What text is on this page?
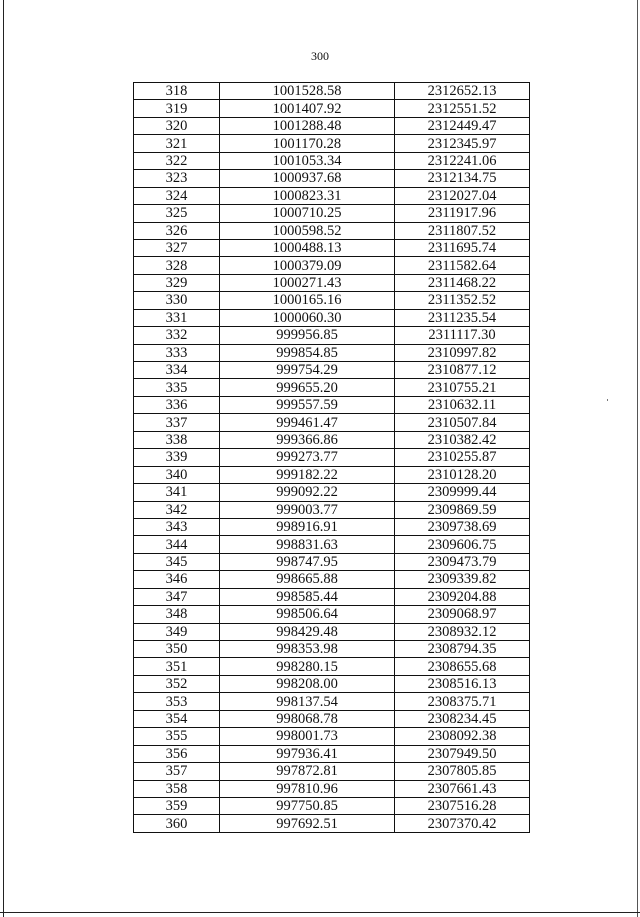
300
318	1001528.58	2312652.13
319	1001407.92	2312551.52
320	1001288.48	2312449.47
321	1001170.28	2312345.97
322	1001053.34	2312241.06
323	1000937.68	2312134.75
324	1000823.31	2312027.04
325	1000710.25	2311917.96
326	1000598.52	2311807.52
327	1000488.13	2311695.74
328	1000379.09	2311582.64
329	1000271.43	2311468.22
330	1000165.16	2311352.52
331	1000060.30	2311235.54
332	999956.85	2311117.30
333	999854.85	2310997.82
334	999754.29	2310877.12
335	999655.20	2310755.21
336	999557.59	2310632.11
337	999461.47	2310507.84
338	999366.86	2310382.42
339	999273.77	2310255.87
340	999182.22	2310128.20
341	999092.22	2309999.44
342	999003.77	2309869.59
343	998916.91	2309738.69
344	998831.63	2309606.75
345	998747.95	2309473.79
346	998665.88	2309339.82
347	998585.44	2309204.88
348	998506.64	2309068.97
349	998429.48	2308932.12
350	998353.98	2308794.35
351	998280.15	2308655.68
352	998208.00	2308516.13
353	998137.54	2308375.71
354	998068.78	2308234.45
355	998001.73	2308092.38
356	997936.41	2307949.50
357	997872.81	2307805.85
358	997810.96	2307661.43
359	997750.85	2307516.28
360	997692.51	2307370.42
